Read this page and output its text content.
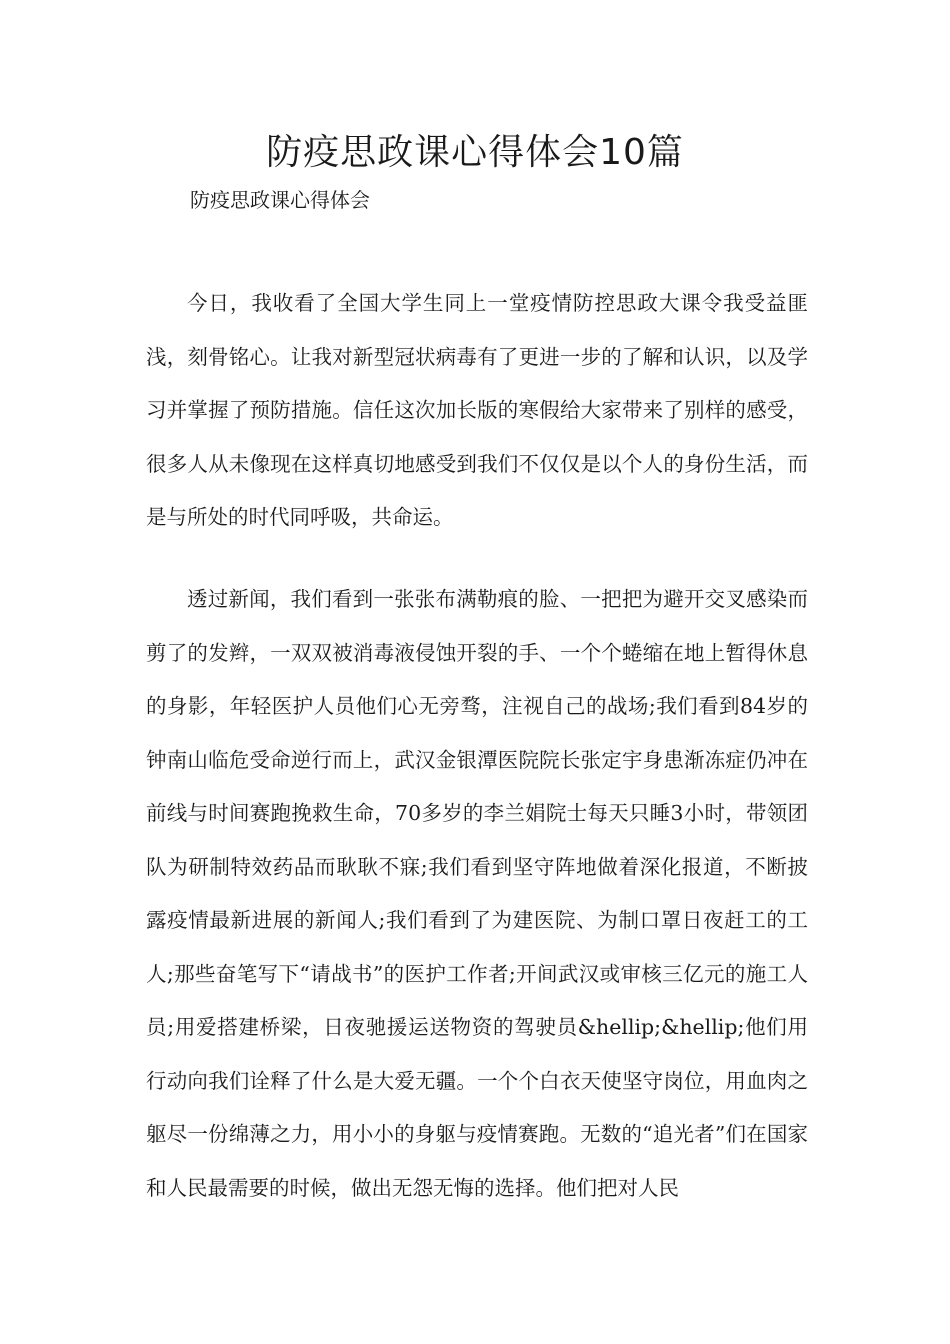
防疫思政课心得体会10篇

防疫思政课心得体会

今日，我收看了全国大学生同上一堂疫情防控思政大课令我受益匪浅，刻骨铭心。让我对新型冠状病毒有了更进一步的了解和认识，以及学习并掌握了预防措施。信任这次加长版的寒假给大家带来了别样的感受，很多人从未像现在这样真切地感受到我们不仅仅是以个人的身份生活，而是与所处的时代同呼吸，共命运。

透过新闻，我们看到一张张布满勒痕的脸、一把把为避开交叉感染而剪了的发辫，一双双被消毒液侵蚀开裂的手、一个个蜷缩在地上暂得休息的身影，年轻医护人员他们心无旁骛，注视自己的战场;我们看到84岁的钟南山临危受命逆行而上，武汉金银潭医院院长张定宇身患渐冻症仍冲在前线与时间赛跑挽救生命，70多岁的李兰娟院士每天只睡3小时，带领团队为研制特效药品而耿耿不寐;我们看到坚守阵地做着深化报道，不断披露疫情最新进展的新闻人;我们看到了为建医院、为制口罩日夜赶工的工人;那些奋笔写下“请战书”的医护工作者;开间武汉或审核三亿元的施工人员;用爱搭建桥梁，日夜驰援运送物资的驾驶员&hellip;&hellip;他们用行动向我们诠释了什么是大爱无疆。一个个白衣天使坚守岗位，用血肉之躯尽一份绵薄之力，用小小的身躯与疫情赛跑。无数的“追光者”们在国家和人民最需要的时候，做出无怨无悔的选择。他们把对人民
